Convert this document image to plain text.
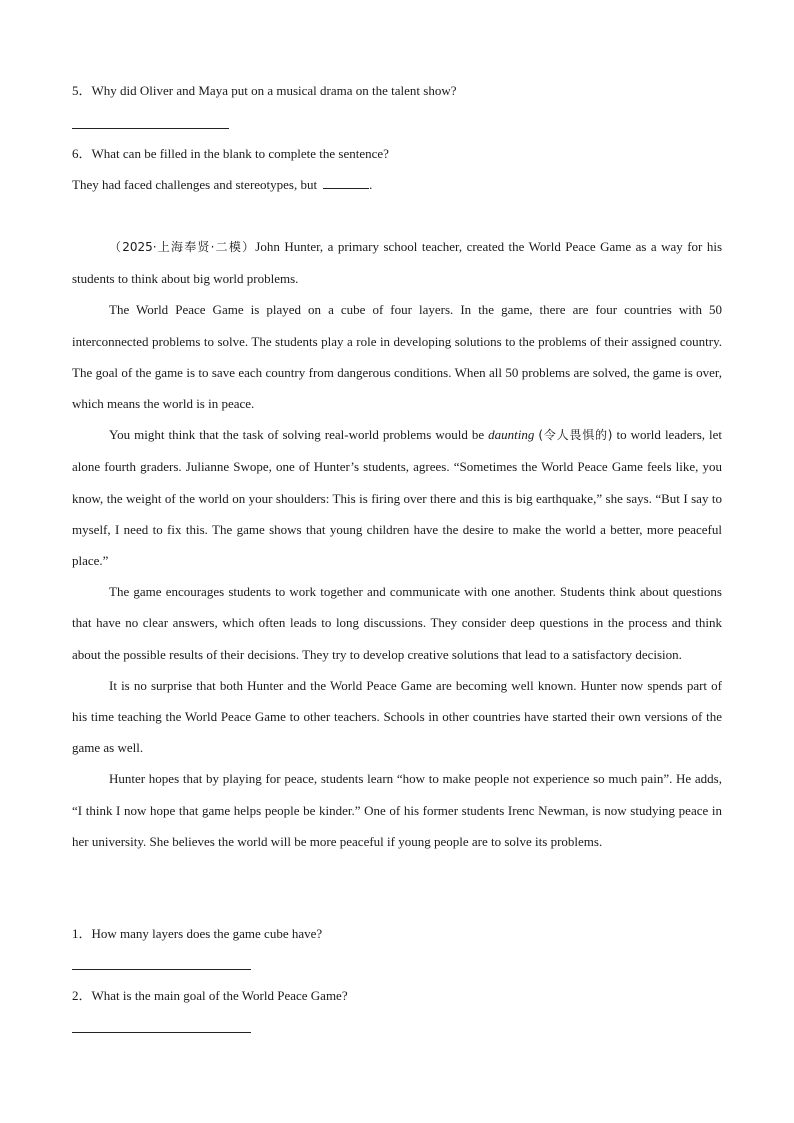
5．Why did Oliver and Maya put on a musical drama on the talent show?
6．What can be filled in the blank to complete the sentence?
They had faced challenges and stereotypes, but	.

（2025·上海奉贤·二模）John Hunter, a primary school teacher, created the World Peace Game as a way for his students to think about big world problems.

The World Peace Game is played on a cube of four layers. In the game, there are four countries with 50 interconnected problems to solve. The students play a role in developing solutions to the problems of their assigned country. The goal of the game is to save each country from dangerous conditions. When all 50 problems are solved, the game is over, which means the world is in peace.

You might think that the task of solving real-world problems would be daunting (令人畏惧的) to world leaders, let alone fourth graders. Julianne Swope, one of Hunter’s students, agrees. “Sometimes the World Peace Game feels like, you know, the weight of the world on your shoulders: This is firing over there and this is big earthquake,” she says. “But I say to myself, I need to fix this. The game shows that young children have the desire to make the world a better, more peaceful place.”

The game encourages students to work together and communicate with one another. Students think about questions that have no clear answers, which often leads to long discussions. They consider deep questions in the process and think about the possible results of their decisions. They try to develop creative solutions that lead to a satisfactory decision.

It is no surprise that both Hunter and the World Peace Game are becoming well known. Hunter now spends part of his time teaching the World Peace Game to other teachers. Schools in other countries have started their own versions of the game as well.

Hunter hopes that by playing for peace, students learn “how to make people not experience so much pain”. He adds, “I think I now hope that game helps people be kinder.” One of his former students Irenc Newman, is now studying peace in her university. She believes the world will be more peaceful if young people are to solve its problems.

1．How many layers does the game cube have?
2．What is the main goal of the World Peace Game?
